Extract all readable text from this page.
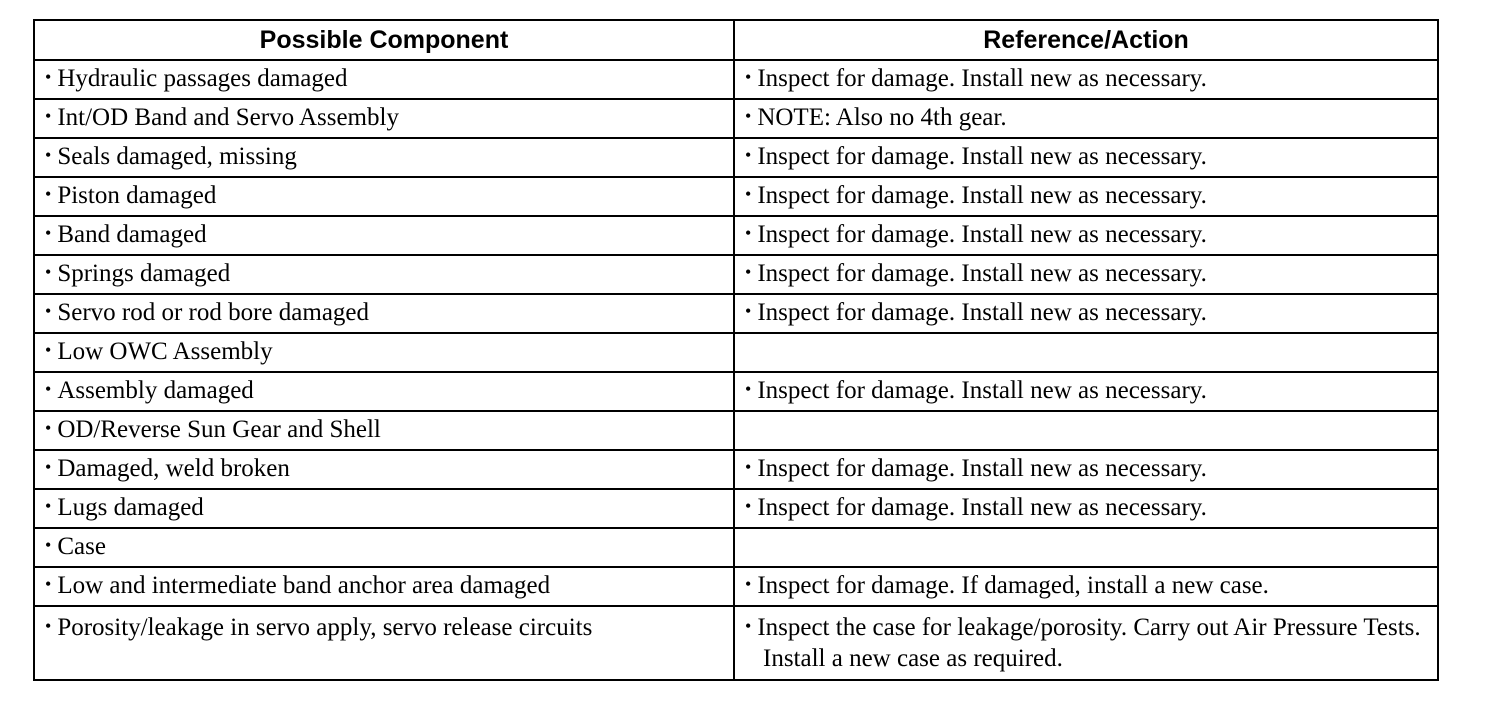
Possible Component	Reference/Action
• Hydraulic passages damaged	• Inspect for damage. Install new as necessary.
• Int/OD Band and Servo Assembly	• NOTE: Also no 4th gear.
• Seals damaged, missing	• Inspect for damage. Install new as necessary.
• Piston damaged	• Inspect for damage. Install new as necessary.
• Band damaged	• Inspect for damage. Install new as necessary.
• Springs damaged	• Inspect for damage. Install new as necessary.
• Servo rod or rod bore damaged	• Inspect for damage. Install new as necessary.
• Low OWC Assembly	
• Assembly damaged	• Inspect for damage. Install new as necessary.
• OD/Reverse Sun Gear and Shell	
• Damaged, weld broken	• Inspect for damage. Install new as necessary.
• Lugs damaged	• Inspect for damage. Install new as necessary.
• Case	
• Low and intermediate band anchor area damaged	• Inspect for damage. If damaged, install a new case.
• Porosity/leakage in servo apply, servo release circuits	• Inspect the case for leakage/porosity. Carry out Air Pressure Tests. Install a new case as required.
